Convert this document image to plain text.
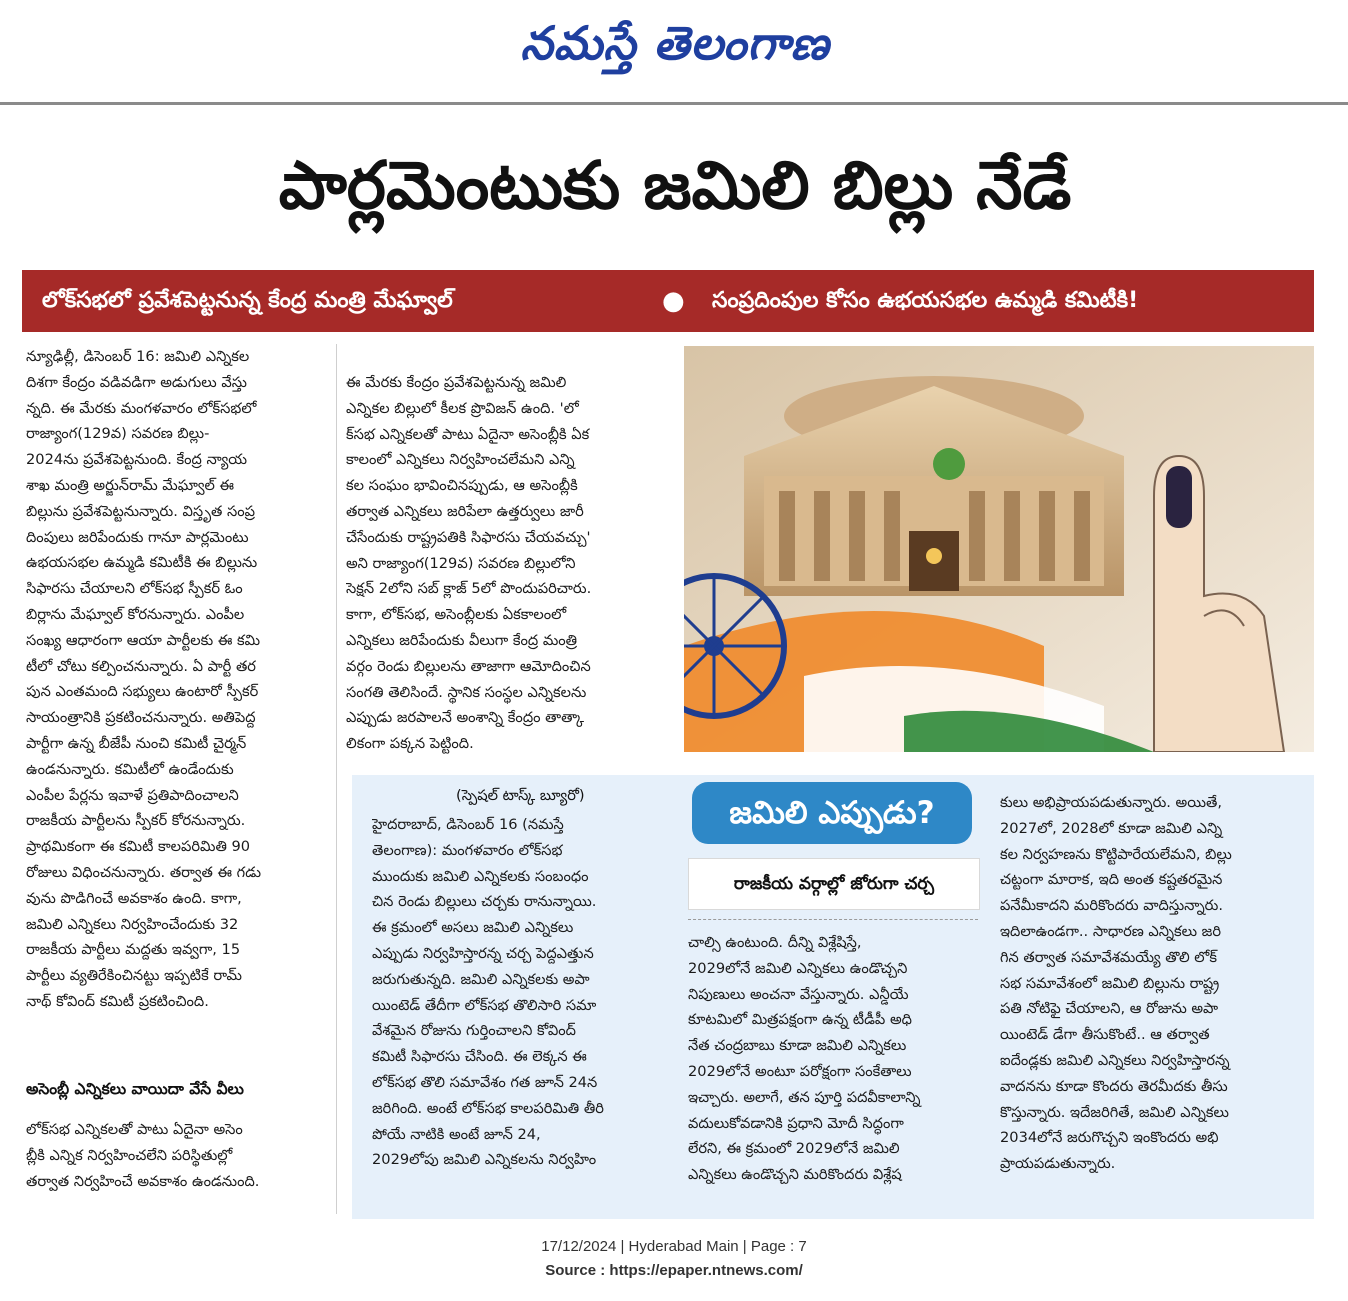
నమస్తే తెలంగాణ
పార్లమెంటుకు జమిలి బిల్లు నేడే
లోక్‌సభలో ప్రవేశపెట్టనున్న కేంద్ర మంత్రి మేఘ్వాల్	● సంప్రదింపుల కోసం ఉభయసభల ఉమ్మడి కమిటీకి!

న్యూఢిల్లీ, డిసెంబర్ 16: జమిలి ఎన్నికల

దిశగా కేంద్రం వడివడిగా అడుగులు వేస్తు

న్నది. ఈ మేరకు మంగళవారం లోక్‌సభలో

రాజ్యాంగ(129వ) సవరణ బిల్లు-

2024ను ప్రవేశపెట్టనుంది. కేంద్ర న్యాయ

శాఖ మంత్రి అర్జున్‌రామ్ మేఘ్వాల్ ఈ

బిల్లును ప్రవేశపెట్టనున్నారు. విస్తృత సంప్ర

దింపులు జరిపేందుకు గానూ పార్లమెంటు

ఉభయసభల ఉమ్మడి కమిటీకి ఈ బిల్లును

సిఫారసు చేయాలని లోక్‌సభ స్పీకర్ ఓం

బిర్లాను మేఘ్వాల్ కోరనున్నారు. ఎంపీల

సంఖ్య ఆధారంగా ఆయా పార్టీలకు ఈ కమి

టీలో చోటు కల్పించనున్నారు. ఏ పార్టీ తర

పున ఎంతమంది సభ్యులు ఉంటారో స్పీకర్

సాయంత్రానికి ప్రకటించనున్నారు. అతిపెద్ద

పార్టీగా ఉన్న బీజేపీ నుంచి కమిటీ చైర్మన్

ఉండనున్నారు. కమిటీలో ఉండేందుకు

ఎంపీల పేర్లను ఇవాళే ప్రతిపాదించాలని

రాజకీయ పార్టీలను స్పీకర్ కోరనున్నారు.

ప్రాథమికంగా ఈ కమిటీ కాలపరిమితి 90

రోజులు విధించనున్నారు. తర్వాత ఈ గడు

వును పొడిగించే అవకాశం ఉంది. కాగా,

జమిలి ఎన్నికలు నిర్వహించేందుకు 32

రాజకీయ పార్టీలు మద్దతు ఇవ్వగా, 15

పార్టీలు వ్యతిరేకించినట్టు ఇప్పటికే రామ్

నాథ్ కోవింద్ కమిటీ ప్రకటించింది.

అసెంబ్లీ ఎన్నికలు వాయిదా వేసే వీలు

లోక్‌సభ ఎన్నికలతో పాటు ఏదైనా అసెం

బ్లీకి ఎన్నిక నిర్వహించలేని పరిస్థితుల్లో

తర్వాత నిర్వహించే అవకాశం ఉండనుంది.

ఈ మేరకు కేంద్రం ప్రవేశపెట్టనున్న జమిలి

ఎన్నికల బిల్లులో కీలక ప్రొవిజన్ ఉంది. 'లో

క్‌సభ ఎన్నికలతో పాటు ఏదైనా అసెంబ్లీకి ఏక

కాలంలో ఎన్నికలు నిర్వహించలేమని ఎన్ని

కల సంఘం భావించినప్పుడు, ఆ అసెంబ్లీకి

తర్వాత ఎన్నికలు జరిపేలా ఉత్తర్వులు జారీ

చేసేందుకు రాష్ట్రపతికి సిఫారసు చేయవచ్చు'

అని రాజ్యాంగ(129వ) సవరణ బిల్లులోని

సెక్షన్ 2లోని సబ్ క్లాజ్ 5లో పొందుపరిచారు.

కాగా, లోక్‌సభ, అసెంబ్లీలకు ఏకకాలంలో

ఎన్నికలు జరిపేందుకు వీలుగా కేంద్ర మంత్రి

వర్గం రెండు బిల్లులను తాజాగా ఆమోదించిన

సంగతి తెలిసిందే. స్థానిక సంస్థల ఎన్నికలను

ఎప్పుడు జరపాలనే అంశాన్ని కేంద్రం తాత్కా

లికంగా పక్కన పెట్టింది.

(స్పెషల్ టాస్క్ బ్యూరో)

హైదరాబాద్, డిసెంబర్ 16 (నమస్తే

తెలంగాణ): మంగళవారం లోక్‌సభ

ముందుకు జమిలి ఎన్నికలకు సంబంధం

చిన రెండు బిల్లులు చర్చకు రానున్నాయి.

ఈ క్రమంలో అసలు జమిలి ఎన్నికలు

ఎప్పుడు నిర్వహిస్తారన్న చర్చ పెద్దఎత్తున

జరుగుతున్నది. జమిలి ఎన్నికలకు అపా

యింటెడ్ తేదీగా లోక్‌సభ తొలిసారి సమా

వేశమైన రోజును గుర్తించాలని కోవింద్

కమిటీ సిఫారసు చేసింది. ఈ లెక్కన ఈ

లోక్‌సభ తొలి సమావేశం గత జూన్ 24న

జరిగింది. అంటే లోక్‌సభ కాలపరిమితి తీరి

పోయే నాటికి అంటే జూన్ 24,

2029లోపు జమిలి ఎన్నికలను నిర్వహిం

జమిలి ఎప్పుడు?
రాజకీయ వర్గాల్లో జోరుగా చర్చ

చాల్సి ఉంటుంది. దీన్ని విశ్లేషిస్తే,

2029లోనే జమిలి ఎన్నికలు ఉండొచ్చని

నిపుణులు అంచనా వేస్తున్నారు. ఎన్డీయే

కూటమిలో మిత్రపక్షంగా ఉన్న టీడీపీ అధి

నేత చంద్రబాబు కూడా జమిలి ఎన్నికలు

2029లోనే అంటూ పరోక్షంగా సంకేతాలు

ఇచ్చారు. అలాగే, తన పూర్తి పదవీకాలాన్ని

వదులుకోవడానికి ప్రధాని మోదీ సిద్ధంగా

లేరని, ఈ క్రమంలో 2029లోనే జమిలి

ఎన్నికలు ఉండొచ్చని మరికొందరు విశ్లేష

కులు అభిప్రాయపడుతున్నారు. అయితే,

2027లో, 2028లో కూడా జమిలి ఎన్ని

కల నిర్వహణను కొట్టిపారేయలేమని, బిల్లు

చట్టంగా మారాక, ఇది అంత కష్టతరమైన

పనేమీకాదని మరికొందరు వాదిస్తున్నారు.

ఇదిలాఉండగా.. సాధారణ ఎన్నికలు జరి

గిన తర్వాత సమావేశమయ్యే తొలి లోక్

సభ సమావేశంలో జమిలి బిల్లును రాష్ట్ర

పతి నోటిఫై చేయాలని, ఆ రోజును అపా

యింటెడ్ డేగా తీసుకొంటే.. ఆ తర్వాత

ఐదేండ్లకు జమిలి ఎన్నికలు నిర్వహిస్తారన్న

వాదనను కూడా కొందరు తెరమీదకు తీసు

కొస్తున్నారు. ఇదేజరిగితే, జమిలి ఎన్నికలు

2034లోనే జరుగొచ్చని ఇంకొందరు అభి

ప్రాయపడుతున్నారు.

17/12/2024 | Hyderabad Main | Page : 7
Source : https://epaper.ntnews.com/
